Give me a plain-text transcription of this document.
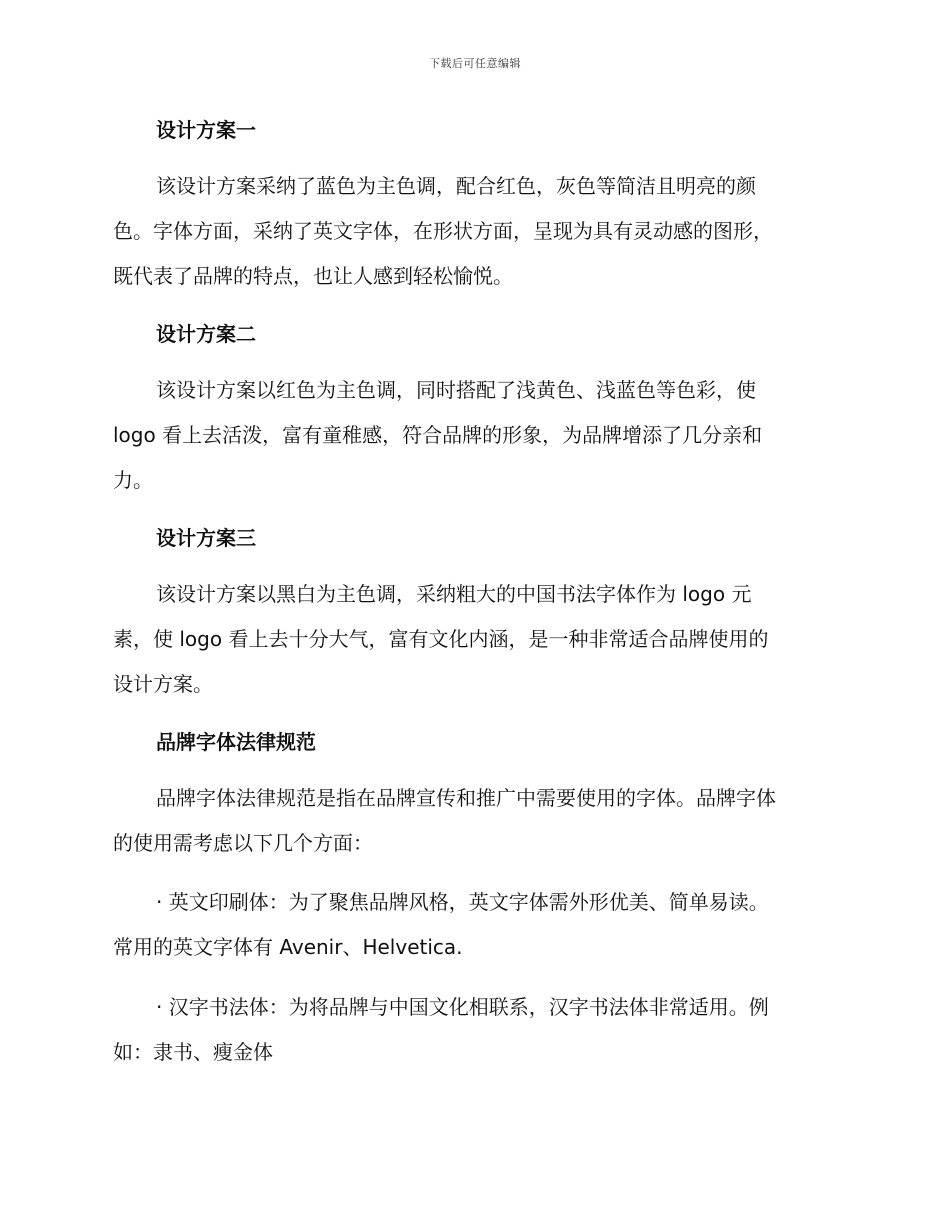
下载后可任意编辑
设计方案一
该设计方案采纳了蓝色为主色调，配合红色，灰色等简洁且明亮的颜
色。字体方面，采纳了英文字体，在形状方面，呈现为具有灵动感的图形，
既代表了品牌的特点，也让人感到轻松愉悦。
设计方案二
该设计方案以红色为主色调，同时搭配了浅黄色、浅蓝色等色彩，使
logo 看上去活泼，富有童稚感，符合品牌的形象，为品牌增添了几分亲和
力。
设计方案三
该设计方案以黑白为主色调，采纳粗大的中国书法字体作为 logo 元
素，使 logo 看上去十分大气，富有文化内涵，是一种非常适合品牌使用的
设计方案。
品牌字体法律规范
品牌字体法律规范是指在品牌宣传和推广中需要使用的字体。品牌字体
的使用需考虑以下几个方面：
· 英文印刷体：为了聚焦品牌风格，英文字体需外形优美、简单易读。
常用的英文字体有 Avenir、Helvetica.
· 汉字书法体：为将品牌与中国文化相联系，汉字书法体非常适用。例
如：隶书、瘦金体
